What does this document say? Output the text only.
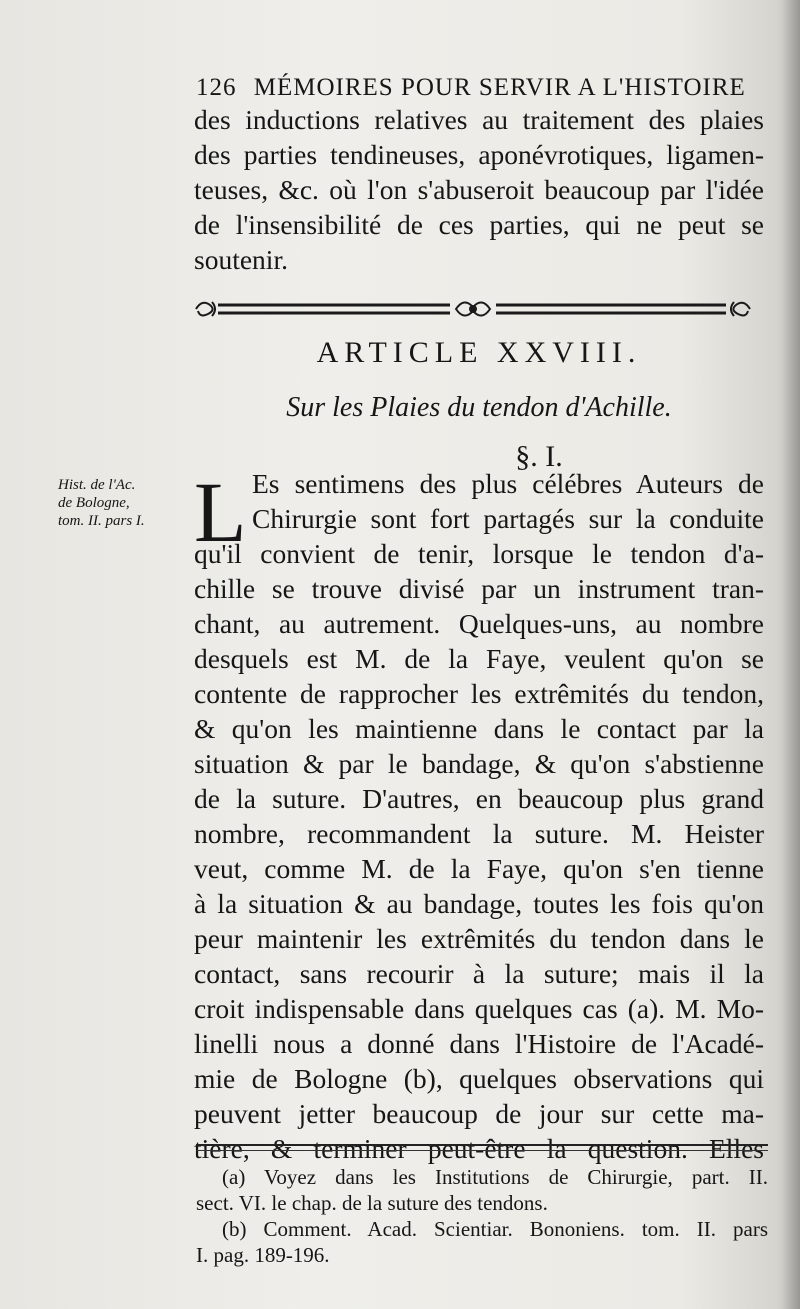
126 MÉMOIRES POUR SERVIR A L'HISTOIRE
des inductions relatives au traitement des plaies
des parties tendineuses, aponévrotiques, ligamen-
teuses, &c. où l'on s'abuseroit beaucoup par l'idée
de l'insensibilité de ces parties, qui ne peut se
soutenir.
ARTICLE XXVIII.
Sur les Plaies du tendon d'Achille.
§. I.
Hist. de l'Ac.
de Bologne,
tom. II. pars I. L Es sentimens des plus célébres Auteurs de
Chirurgie sont fort partagés sur la conduite
qu'il convient de tenir, lorsque le tendon d'a-
chille se trouve divisé par un instrument tran-
chant, au autrement. Quelques-uns, au nombre
desquels est M. de la Faye, veulent qu'on se
contente de rapprocher les extrêmités du tendon,
& qu'on les maintienne dans le contact par la
situation & par le bandage, & qu'on s'abstienne
de la suture. D'autres, en beaucoup plus grand
nombre, recommandent la suture. M. Heister
veut, comme M. de la Faye, qu'on s'en tienne
à la situation & au bandage, toutes les fois qu'on
peur maintenir les extrêmités du tendon dans le
contact, sans recourir à la suture; mais il la
croit indispensable dans quelques cas (a). M. Mo-
linelli nous a donné dans l'Histoire de l'Acadé-
mie de Bologne (b), quelques observations qui
peuvent jetter beaucoup de jour sur cette ma-
tière, & terminer peut-être la question. Elles
(a) Voyez dans les Institutions de Chirurgie, part. II.
sect. VI. le chap. de la suture des tendons.
(b) Comment. Acad. Scientiar. Bononiens. tom. II. pars
I. pag. 189-196.
